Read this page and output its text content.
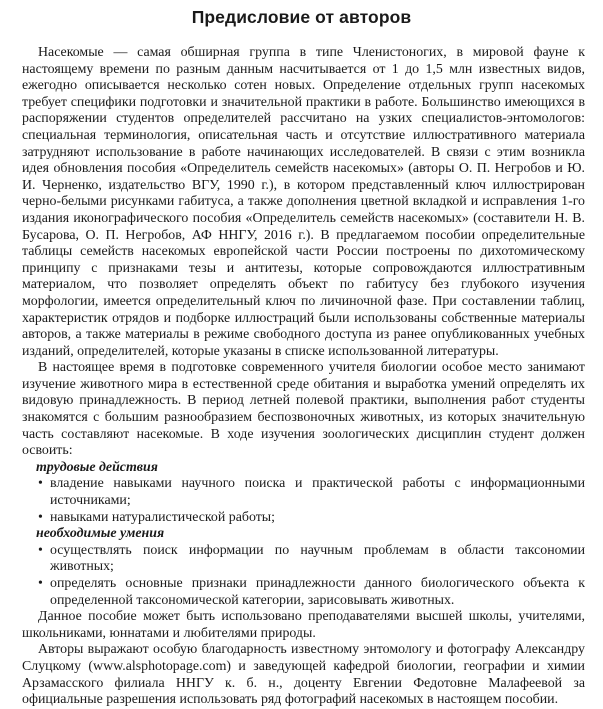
Предисловие от авторов

Насекомые — самая обширная группа в типе Членистоногих, в мировой фауне к настоящему времени по разным данным насчитывается от 1 до 1,5 млн известных видов, ежегодно описывается несколько сотен новых. Определение отдельных групп насекомых требует специфики подготовки и значительной практики в работе. Большинство имеющихся в распоряжении студентов определителей рассчитано на узких специалистов-энтомологов: специальная терминология, описательная часть и отсутствие иллюстративного материала затрудняют использование в работе начинающих исследователей. В связи с этим возникла идея обновления пособия «Определитель семейств насекомых» (авторы О. П. Негробов и Ю. И. Черненко, издательство ВГУ, 1990 г.), в котором представленный ключ иллюстрирован черно-белыми рисунками габитуса, а также дополнения цветной вкладкой и исправления 1-го издания иконографического пособия «Определитель семейств насекомых» (составители Н. В. Бусарова, О. П. Негробов, АФ ННГУ, 2016 г.). В предлагаемом пособии определительные таблицы семейств насекомых европейской части России построены по дихотомическому принципу с признаками тезы и антитезы, которые сопровождаются иллюстративным материалом, что позволяет определять объект по габитусу без глубокого изучения морфологии, имеется определительный ключ по личиночной фазе. При составлении таблиц, характеристик отрядов и подборке иллюстраций были использованы собственные материалы авторов, а также материалы в режиме свободного доступа из ранее опубликованных учебных изданий, определителей, которые указаны в списке использованной литературы.

В настоящее время в подготовке современного учителя биологии особое место занимают изучение животного мира в естественной среде обитания и выработка умений определять их видовую принадлежность. В период летней полевой практики, выполнения работ студенты знакомятся с большим разнообразием беспозвоночных животных, из которых значительную часть составляют насекомые. В ходе изучения зоологических дисциплин студент должен освоить:

трудовые действия

• владение навыками научного поиска и практической работы с информационными источниками;

• навыками натуралистической работы;

необходимые умения

• осуществлять поиск информации по научным проблемам в области таксономии животных;

• определять основные признаки принадлежности данного биологического объекта к определенной таксономической категории, зарисовывать животных.

Данное пособие может быть использовано преподавателями высшей школы, учителями, школьниками, юннатами и любителями природы.

Авторы выражают особую благодарность известному энтомологу и фотографу Александру Слуцкому (www.alsphotopage.com) и заведующей кафедрой биологии, географии и химии Арзамасского филиала ННГУ к. б. н., доценту Евгении Федотовне Малафеевой за официальные разрешения использовать ряд фотографий насекомых в настоящем пособии.
